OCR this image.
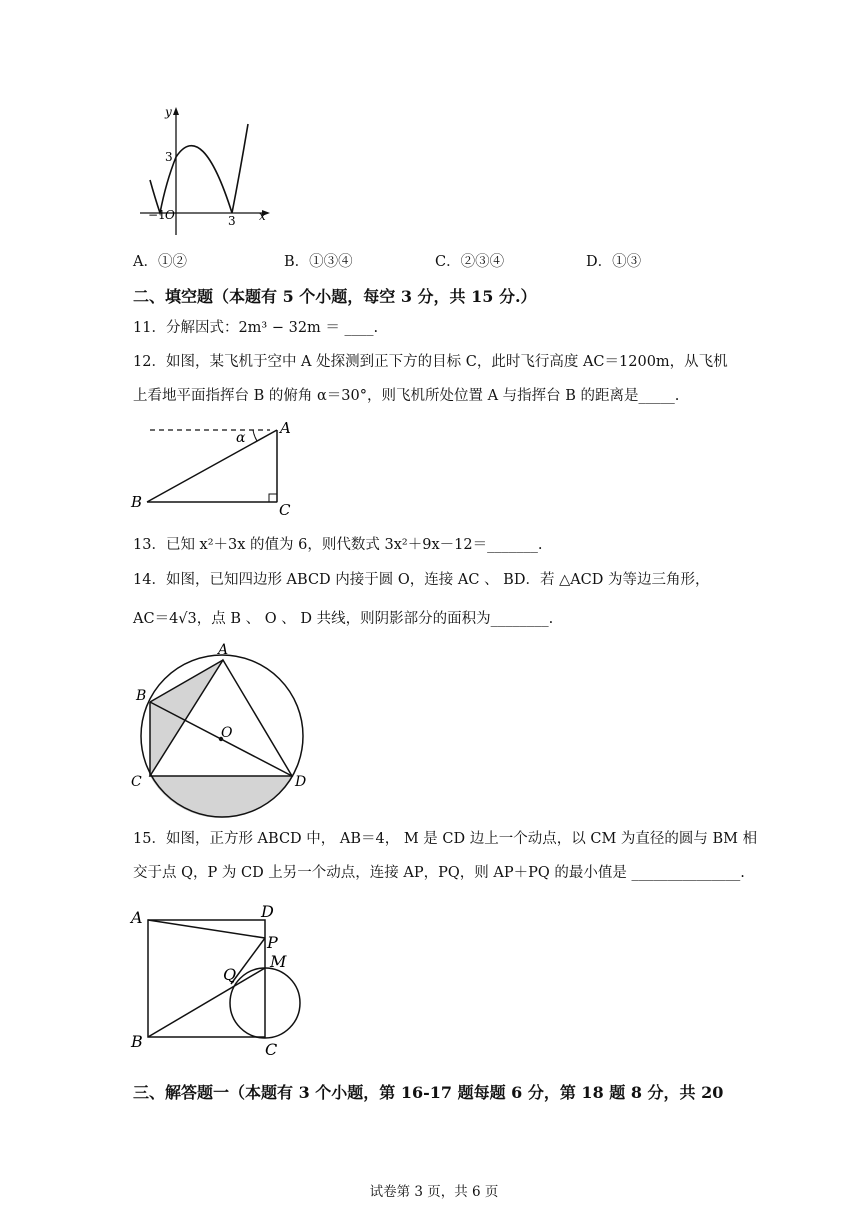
y
x
O
3
−1	3
A．①②	B．①③④	C．②③④	D．①③
二、填空题（本题有 5 个小题，每空 3 分，共 15 分.）
11．分解因式：2m³ − 32m ＝ ____.
12．如图，某飞机于空中 A 处探测到正下方的目标 C，此时飞行高度 AC＝1200m，从飞机
上看地平面指挥台 B 的俯角 α＝30°，则飞机所处位置 A 与指挥台 B 的距离是_____.
α
A
B	C
13．已知 x²＋3x 的值为 6，则代数式 3x²＋9x－12＝_______.
14．如图，已知四边形 ABCD 内接于圆 O，连接 AC 、 BD．若 △ACD 为等边三角形，
AC＝4√3，点 B 、 O 、 D 共线，则阴影部分的面积为________.
A
B
C	D
O
15．如图，正方形 ABCD 中， AB＝4， M 是 CD 边上一个动点，以 CM 为直径的圆与 BM 相
交于点 Q，P 为 CD 上另一个动点，连接 AP，PQ，则 AP＋PQ 的最小值是 _______________.
A	D
P
M
Q
B	C
三、解答题一（本题有 3 个小题，第 16-17 题每题 6 分，第 18 题 8 分，共 20
试卷第 3 页，共 6 页
